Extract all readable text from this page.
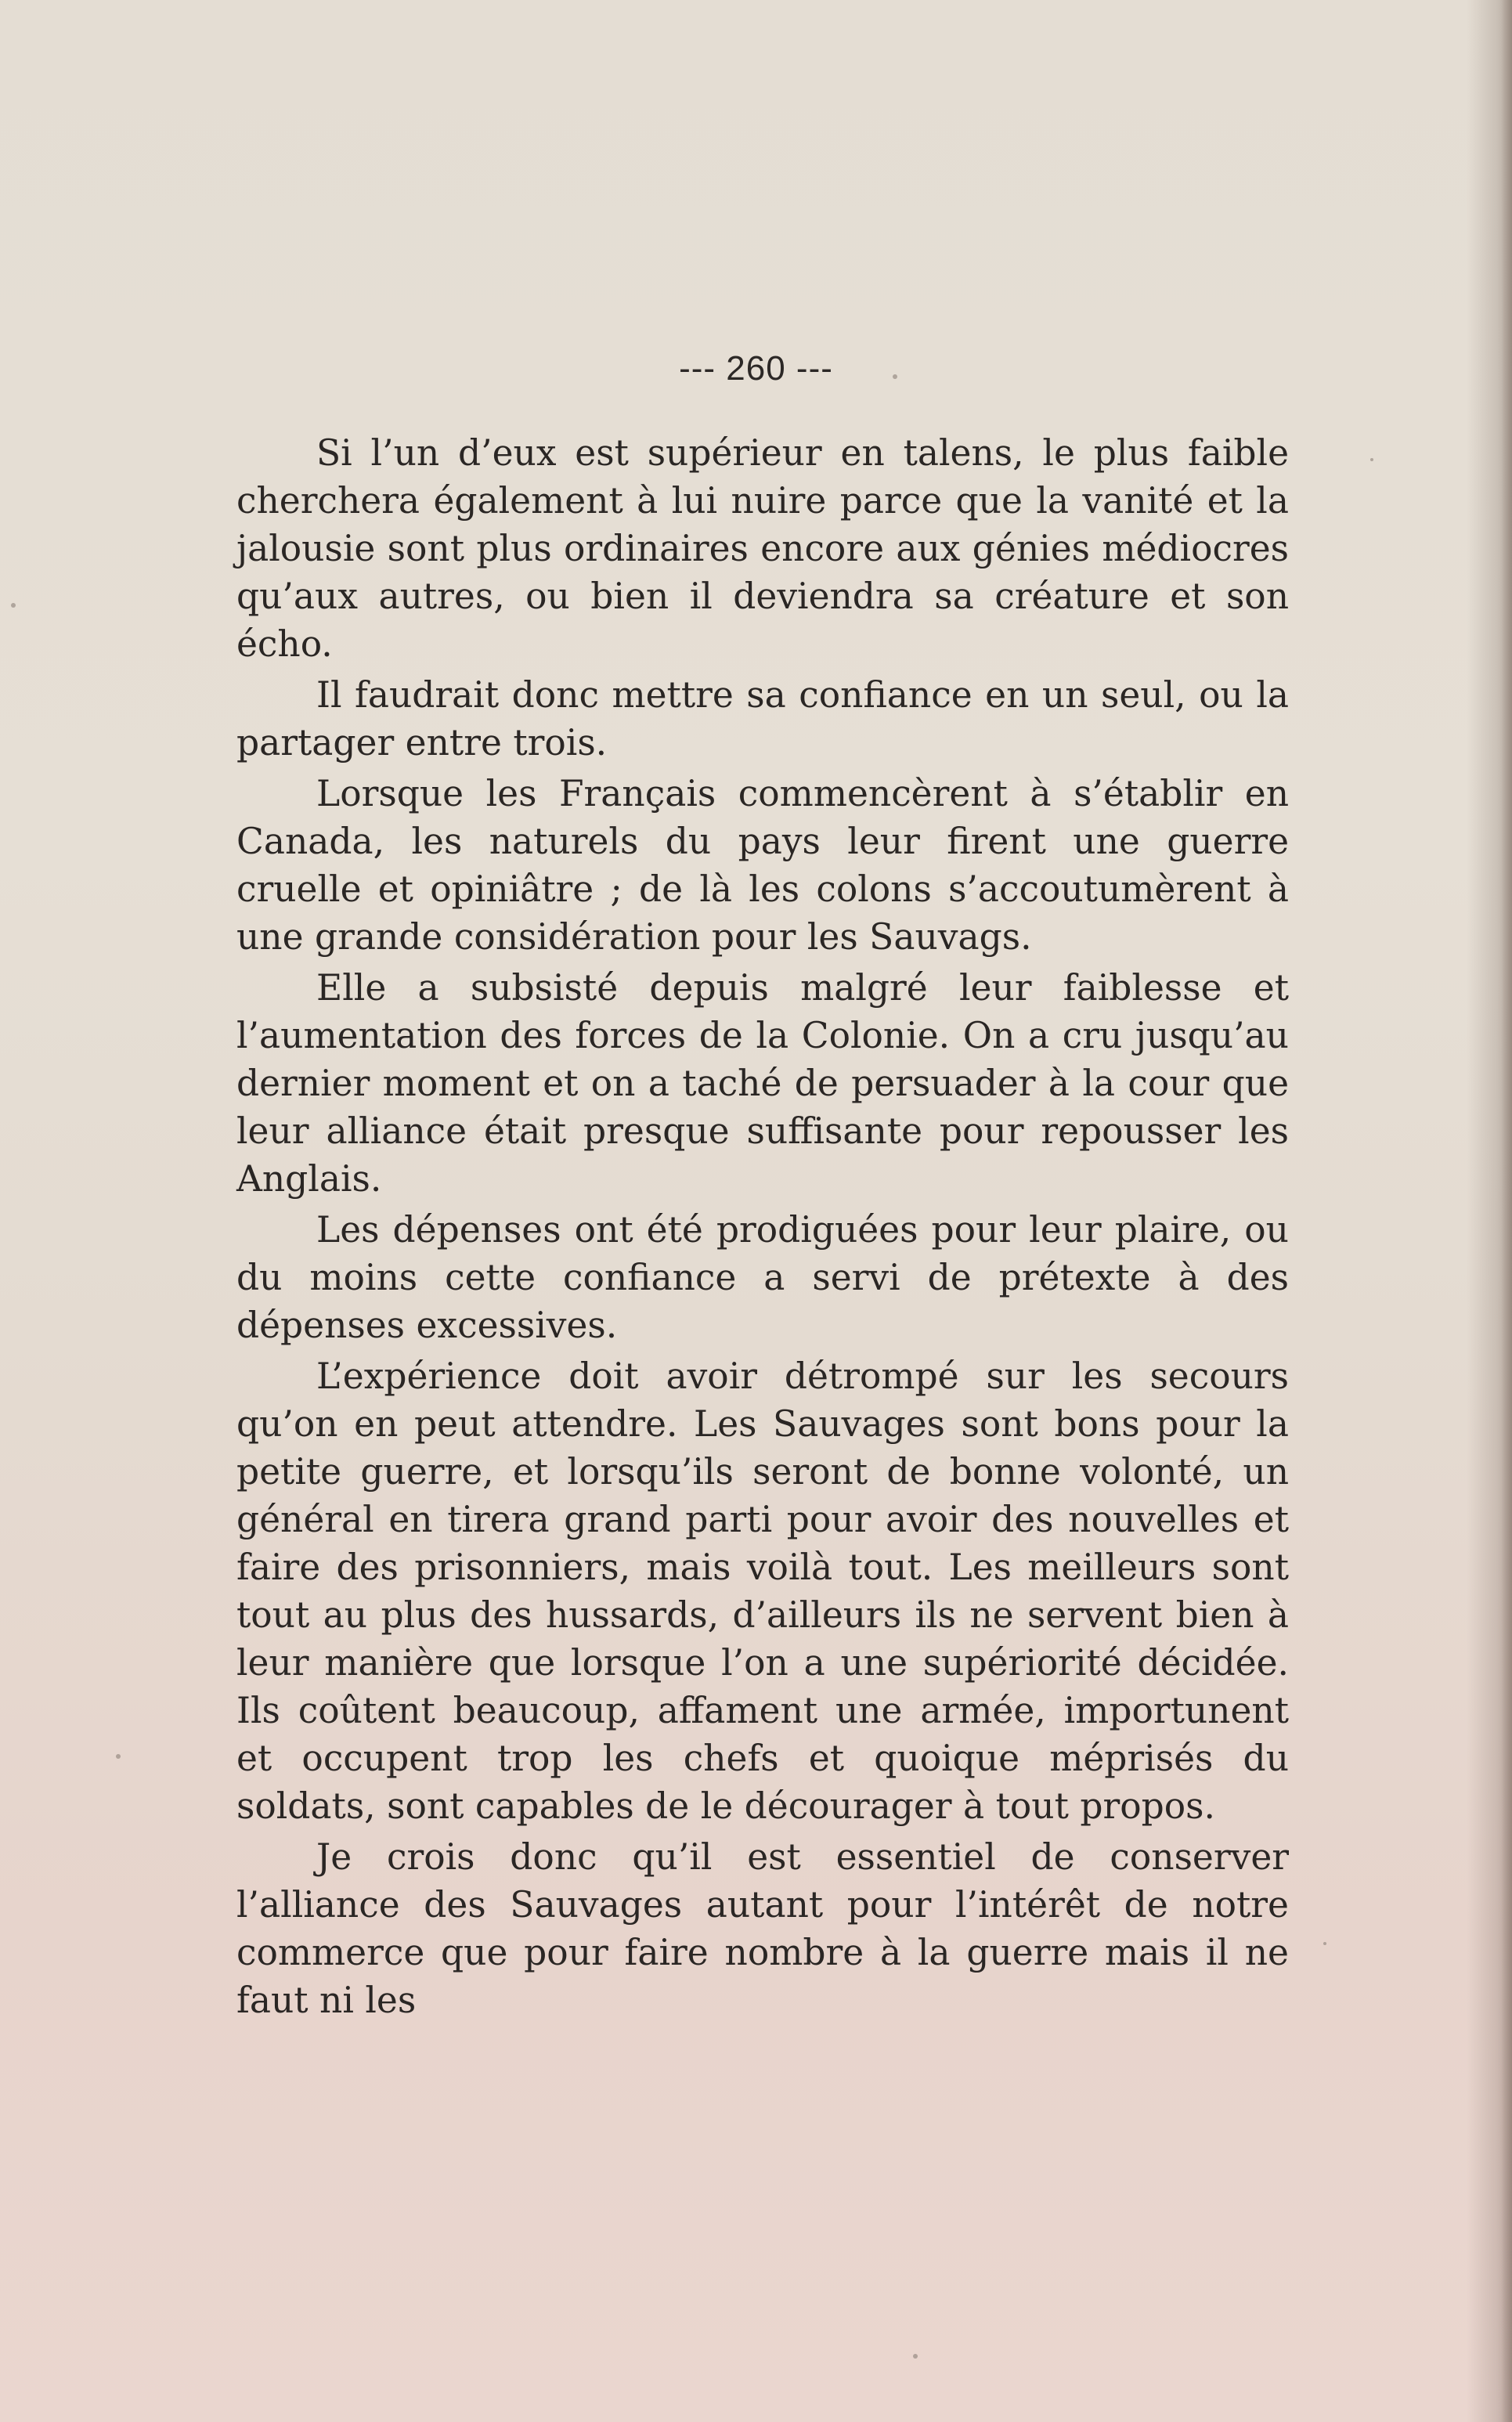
--- 260 ---

Si l’un d’eux est supérieur en talens, le plus faible cherchera également à lui nuire parce que la vanité et la jalousie sont plus ordinaires encore aux génies médiocres qu’aux autres, ou bien il deviendra sa créature et son écho.

Il faudrait donc mettre sa confiance en un seul, ou la partager entre trois.

Lorsque les Français commencèrent à s’établir en Canada, les naturels du pays leur firent une guerre cruelle et opiniâtre ; de là les colons s’accoutumèrent à une grande considération pour les Sauvags.

Elle a subsisté depuis malgré leur faiblesse et l’aumentation des forces de la Colonie. On a cru jusqu’au dernier moment et on a taché de persuader à la cour que leur alliance était presque suffisante pour repousser les Anglais.

Les dépenses ont été prodiguées pour leur plaire, ou du moins cette confiance a servi de prétexte à des dépenses excessives.

L’expérience doit avoir détrompé sur les secours qu’on en peut attendre. Les Sauvages sont bons pour la petite guerre, et lorsqu’ils seront de bonne volonté, un général en tirera grand parti pour avoir des nouvelles et faire des prisonniers, mais voilà tout. Les meilleurs sont tout au plus des hussards, d’ailleurs ils ne servent bien à leur manière que lorsque l’on a une supériorité décidée. Ils coûtent beaucoup, affament une armée, importunent et occupent trop les chefs et quoique méprisés du soldats, sont capables de le décourager à tout propos.

Je crois donc qu’il est essentiel de conserver l’alliance des Sauvages autant pour l’intérêt de notre commerce que pour faire nombre à la guerre mais il ne faut ni les
